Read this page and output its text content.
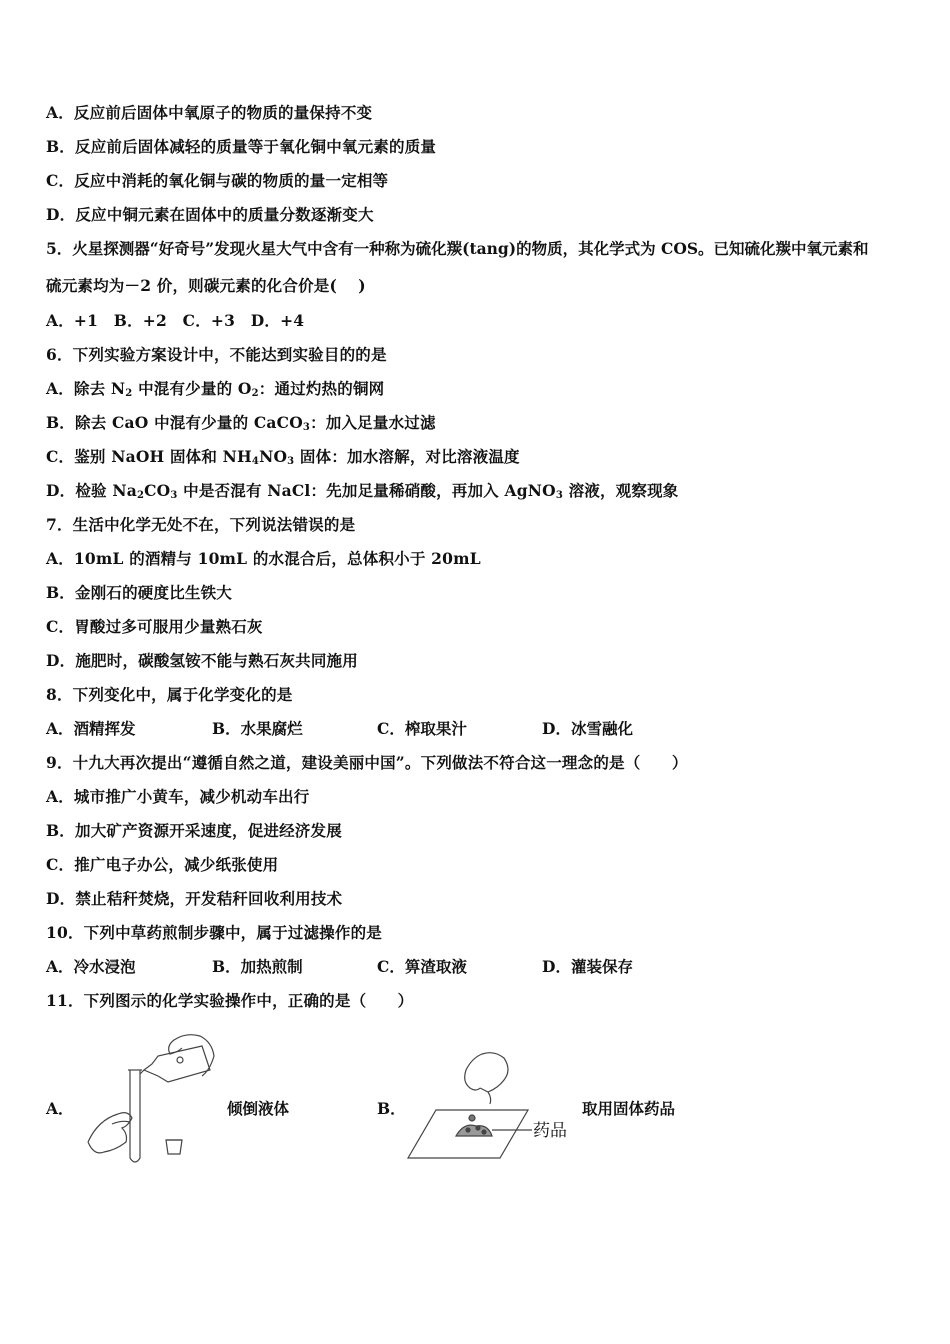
A．反应前后固体中氧原子的物质的量保持不变
B．反应前后固体减轻的质量等于氧化铜中氧元素的质量
C．反应中消耗的氧化铜与碳的物质的量一定相等
D．反应中铜元素在固体中的质量分数逐渐变大
5．火星探测器“好奇号”发现火星大气中含有一种称为硫化羰(tang)的物质，其化学式为 COS。已知硫化羰中氧元素和
硫元素均为－2 价，则碳元素的化合价是(　 )
A．+1　B．+2　C．+3　D．+4
6．下列实验方案设计中，不能达到实验目的的是
A．除去 $N_2$ 中混有少量的 $O_2$：通过灼热的铜网
B．除去 CaO 中混有少量的 CaCO$_3$：加入足量水过滤
C．鉴别 NaOH 固体和 $NH_4NO_3$ 固体：加水溶解，对比溶液温度
D．检验 $Na_2CO_3$ 中是否混有 NaCl：先加足量稀硝酸，再加入 AgNO$_3$ 溶液，观察现象
7．生活中化学无处不在，下列说法错误的是
A．10mL 的酒精与 10mL 的水混合后，总体积小于 20mL
B．金刚石的硬度比生铁大
C．胃酸过多可服用少量熟石灰
D．施肥时，碳酸氢铵不能与熟石灰共同施用
8．下列变化中，属于化学变化的是
A．酒精挥发	B．水果腐烂	C．榨取果汁	D．冰雪融化
9．十九大再次提出“遵循自然之道，建设美丽中国”。下列做法不符合这一理念的是（　　）
A．城市推广小黄车，减少机动车出行
B．加大矿产资源开采速度，促进经济发展
C．推广电子办公，减少纸张使用
D．禁止秸秆焚烧，开发秸秆回收利用技术
10．下列中草药煎制步骤中，属于过滤操作的是
A．冷水浸泡	B．加热煎制	C．箅渣取液	D．灌装保存
11．下列图示的化学实验操作中，正确的是（　　）
A．	倾倒液体	B．
药品
取用固体药品
